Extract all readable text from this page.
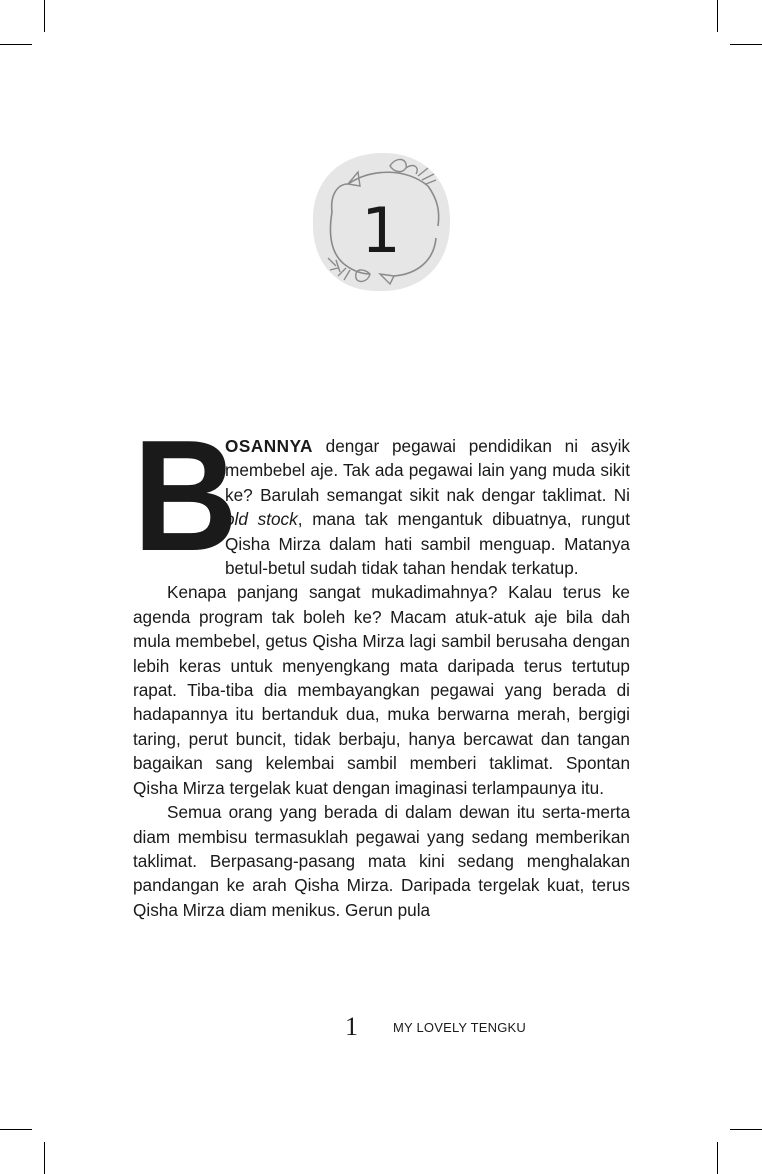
1

B
OSANNYA dengar pegawai pendidikan ni asyik membebel aje. Tak ada pegawai lain yang muda sikit ke? Barulah semangat sikit nak dengar taklimat. Ni old stock, mana tak mengantuk dibuatnya, rungut Qisha Mirza dalam hati sambil menguap. Matanya betul-betul sudah tidak tahan hendak terkatup.

Kenapa panjang sangat mukadimahnya? Kalau terus ke agenda program tak boleh ke? Macam atuk-atuk aje bila dah mula membebel, getus Qisha Mirza lagi sambil berusaha dengan lebih keras untuk menyengkang mata daripada terus tertutup rapat. Tiba-tiba dia membayangkan pegawai yang berada di hadapannya itu bertanduk dua, muka berwarna merah, bergigi taring, perut buncit, tidak berbaju, hanya bercawat dan tangan bagaikan sang kelembai sambil memberi taklimat. Spontan Qisha Mirza tergelak kuat dengan imaginasi terlampaunya itu.

Semua orang yang berada di dalam dewan itu serta-merta diam membisu termasuklah pegawai yang sedang memberikan taklimat. Berpasang-pasang mata kini sedang menghalakan pandangan ke arah Qisha Mirza. Daripada tergelak kuat, terus Qisha Mirza diam menikus. Gerun pula

1	MY LOVELY TENGKU
